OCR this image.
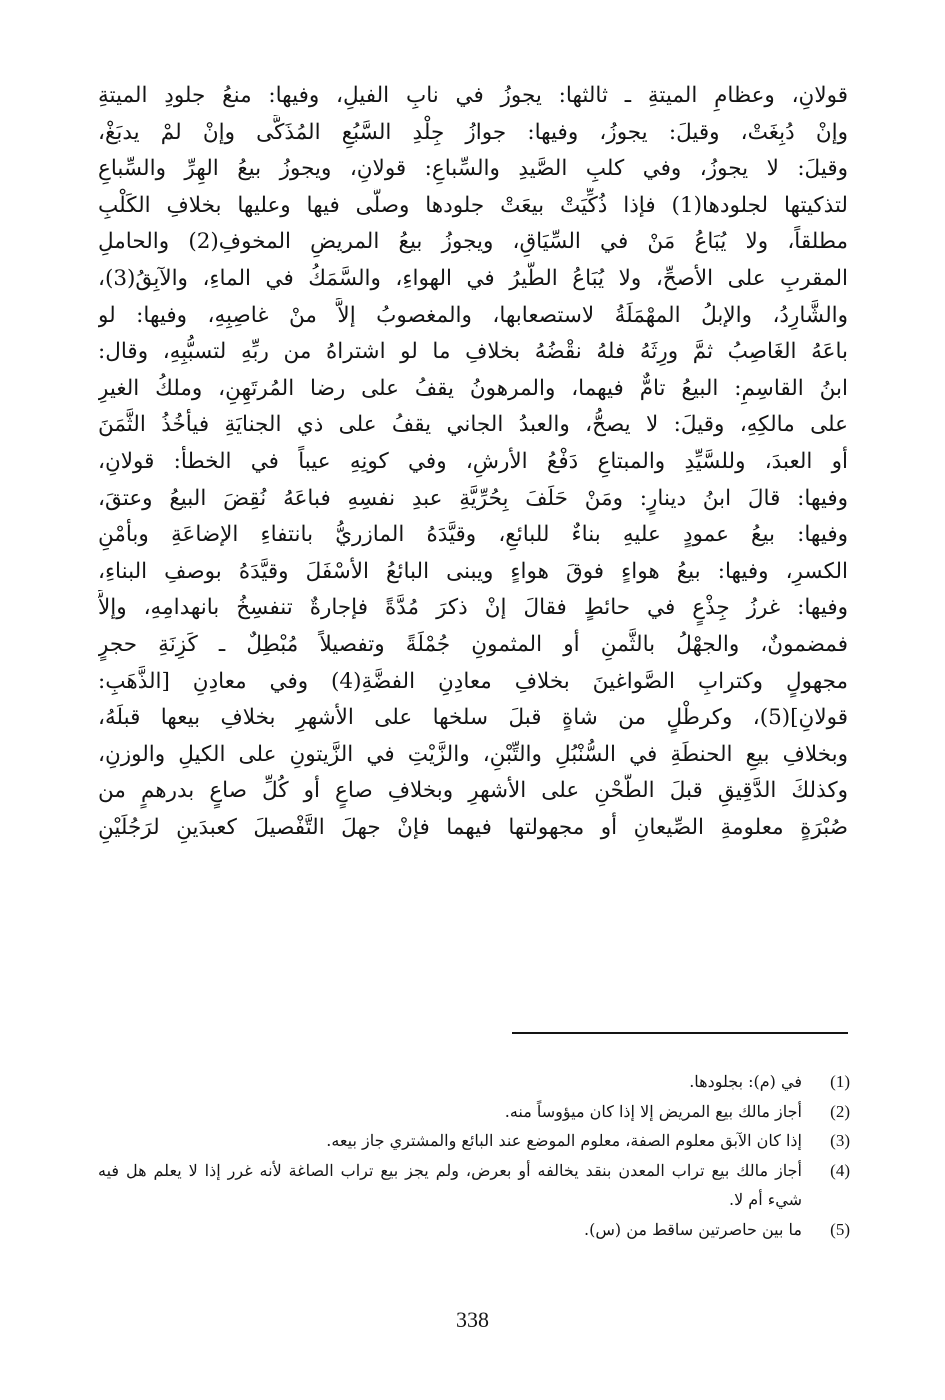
قولانِ، وعظامِ الميتةِ ـ ثالثها: يجوزُ في نابِ الفيلِ، وفيها: منعُ جلودِ الميتةِ
وإنْ دُبِغَتْ، وقيلَ: يجوزُ، وفيها: جوازُ جِلْدِ السَّبُعِ المُذَكَّى وإنْ لمْ يدبَغْ،
وقيلَ: لا يجوزُ، وفي كلبِ الصَّيدِ والسِّباعِ: قولانِ، ويجوزُ بيعُ الهِرِّ والسِّباعِ
لتذكيتها لجلودها(1) فإذا ذُكِّيَتْ بيعَتْ جلودها وصلَّى فيها وعليها بخلافِ الكَلْبِ
مطلقاً، ولا يُبَاعُ مَنْ في السِّيَاقِ، ويجوزُ بيعُ المريضِ المخوفِ(2) والحاملِ
المقربِ على الأصحِّ، ولا يُبَاعُ الطَّيرُ في الهواءِ، والسَّمَكُ في الماءِ، والآبِقُ(3)،
والشَّارِدُ، والإبلُ المهْمَلَةُ لاستصعابها، والمغصوبُ إلاَّ منْ غاصِبِهِ، وفيها: لو
باعَهُ الغَاصِبُ ثمَّ ورِثَهُ فلهُ نقْضُهُ بخلافِ ما لو اشتراهُ من ربِّهِ لتسبُّبِهِ، وقال:
ابنُ القاسِمِ: البيعُ تامٌّ فيهما، والمرهونُ يقفُ على رضا المُرتَهِنِ، وملكُ الغيرِ
على مالكِهِ، وقيلَ: لا يصحُّ، والعبدُ الجاني يقفُ على ذي الجنايَةِ فيأخُذُ الثَّمَنَ
أو العبدَ، وللسَّيِّدِ والمبتاعِ دَفْعُ الأرشِ، وفي كونِهِ عيباً في الخطأ: قولانِ،
وفيها: قالَ ابنُ دينارٍ: ومَنْ حَلَفَ بِحُرِّيَّةِ عبدِ نفسِهِ فباعَهُ نُقِضَ البيعُ وعتقَ،
وفيها: بيعُ عمودٍ عليهِ بناءٌ للبائعِ، وقيَّدَهُ المازريُّ بانتفاءِ الإضاعَةِ وبأمْنِ
الكسرِ، وفيها: بيعُ هواءٍ فوقَ هواءٍ ويبنى البائعُ الأسْفَلَ وقيَّدَهُ بوصفِ البناءِ،
وفيها: غرزُ جِذْعٍ في حائطٍ فقالَ إنْ ذكرَ مُدَّةً فإجارةٌ تنفسِخُ بانهدامِهِ، وإلاَّ
فمضمونٌ، والجهْلُ بالثَّمنِ أو المثمونِ جُمْلَةً وتفصيلاً مُبْطِلٌ ـ كَزِنَةِ حجرٍ
مجهولٍ وكترابِ الصَّواغينَ بخلافِ معادِنِ الفضَّةِ(4) وفي معادِنِ [الذَّهَبِ:
قولانِ](5)، وكرطْلٍ من شاةٍ قبلَ سلخها على الأشهرِ بخلافِ بيعها قبلَهُ،
وبخلافِ بيعِ الحنطَةِ في السُّنْبُلِ والتِّبْنِ، والزَّيْتِ في الزَّيتونِ على الكيلِ والوزنِ،
وكذلكَ الدَّقِيقِ قبلَ الطَّحْنِ على الأشهرِ وبخلافِ صاعٍ أو كُلِّ صاعٍ بدرهمٍ من
صُبْرَةٍ معلومةِ الصِّيعانِ أو مجهولتها فيهما فإنْ جهلَ التَّفْصيلَ كعبدَينِ لرَجُلَيْنِ
(1)
في (م): بجلودها.
(2)
أجاز مالك بيع المريض إلا إذا كان ميؤوساً منه.
(3)
إذا كان الآبق معلوم الصفة، معلوم الموضع عند البائع والمشتري جاز بيعه.
(4)
أجاز مالك بيع تراب المعدن بنقد يخالفه أو بعرض، ولم يجز بيع تراب الصاغة لأنه غرر إذا لا يعلم هل فيه شيء أم لا.
(5)
ما بين حاصرتين ساقط من (س).
338
